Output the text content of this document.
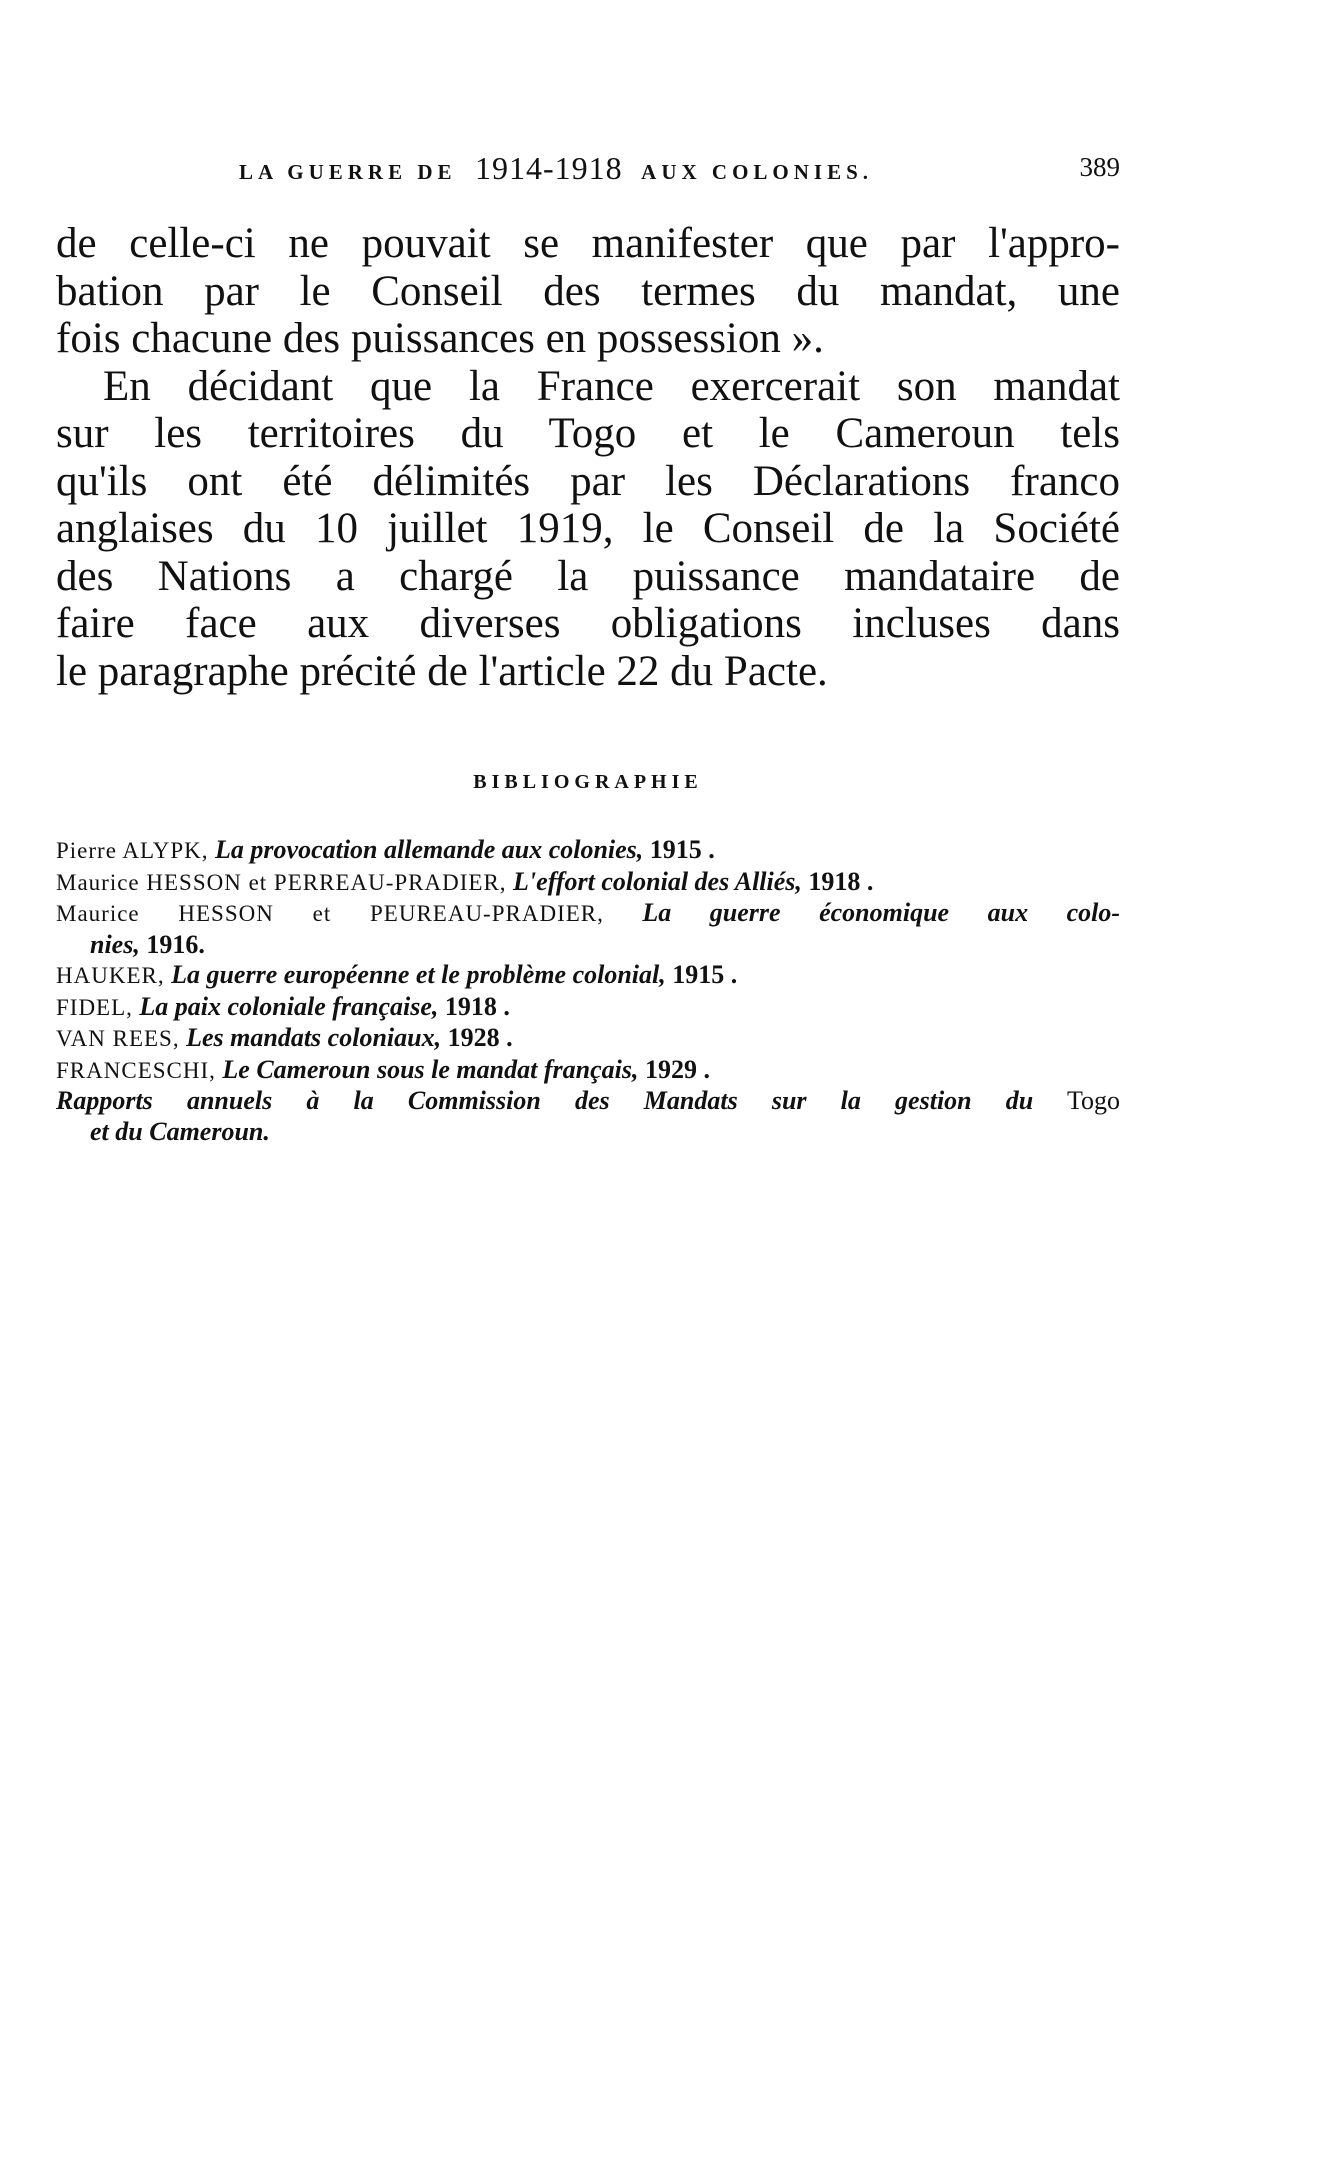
LA GUERRE DE 1914-1918 AUX COLONIES.	389
de celle-ci ne pouvait se manifester que par l'appro-
bation par le Conseil des termes du mandat, une
fois chacune des puissances en possession ».
En décidant que la France exercerait son mandat
sur les territoires du Togo et le Cameroun tels
qu'ils ont été délimités par les Déclarations franco
anglaises du 10 juillet 1919, le Conseil de la Société
des Nations a chargé la puissance mandataire de
faire face aux diverses obligations incluses dans
le paragraphe précité de l'article 22 du Pacte.
BIBLIOGRAPHIE
Pierre ALYPK, La provocation allemande aux colonies, 1915 .
Maurice HESSON et PERREAU-PRADIER, L'effort colonial des Alliés, 1918 .
Maurice HESSON et PEUREAU-PRADIER, La guerre économique aux colo-
nies, 1916.
HAUKER, La guerre européenne et le problème colonial, 1915 .
FIDEL, La paix coloniale française, 1918 .
VAN REES, Les mandats coloniaux, 1928 .
FRANCESCHI, Le Cameroun sous le mandat français, 1929 .
Rapports annuels à la Commission des Mandats sur la gestion du Togo
et du Cameroun.
